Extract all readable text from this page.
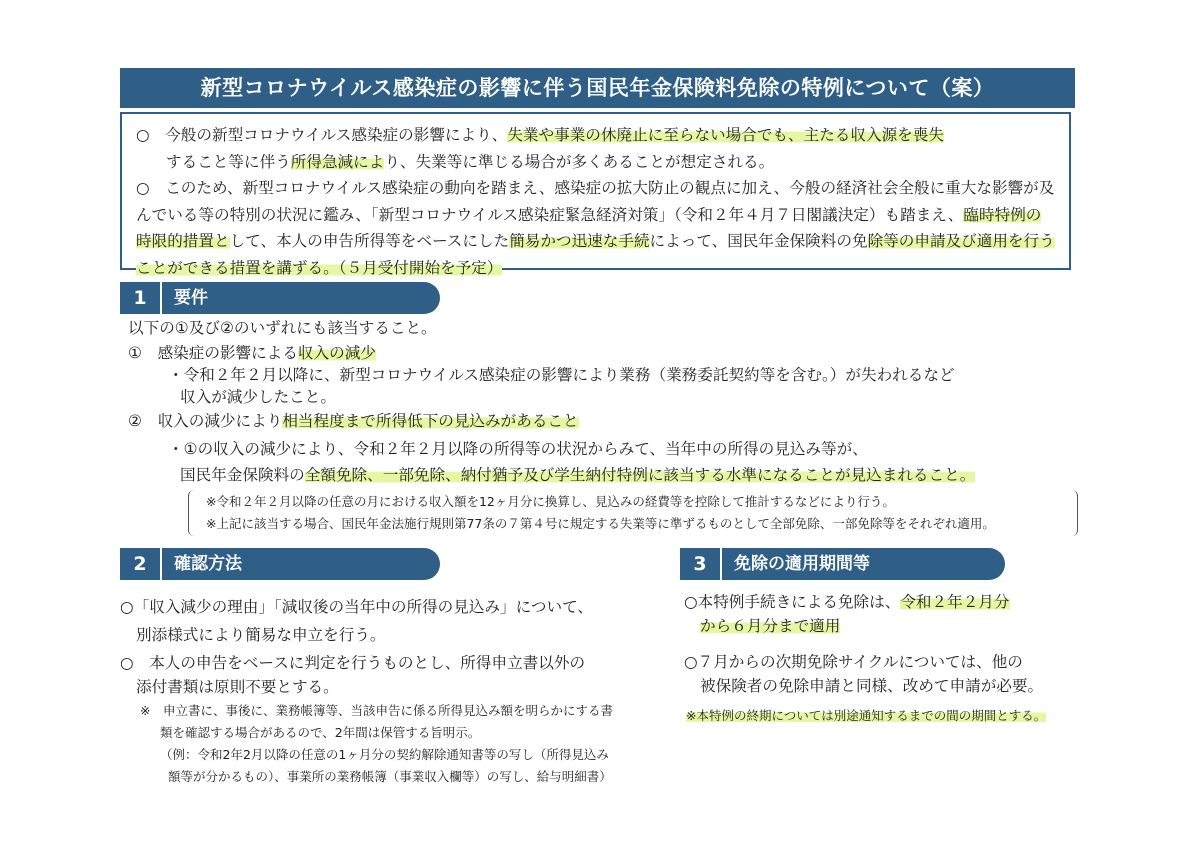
新型コロナウイルス感染症の影響に伴う国民年金保険料免除の特例について（案）

○　今般の新型コロナウイルス感染症の影響により、失業や事業の休廃止に至らない場合でも、主たる収入源を喪失
すること等に伴う所得急減により、失業等に準じる場合が多くあることが想定される。

○　このため、新型コロナウイルス感染症の動向を踏まえ、感染症の拡大防止の観点に加え、今般の経済社会全般に重大な影響が及んでいる等の特別の状況に鑑み、「新型コロナウイルス感染症緊急経済対策」（令和２年４月７日閣議決定）も踏まえ、臨時特例の時限的措置として、本人の申告所得等をベースにした簡易かつ迅速な手続によって、国民年金保険料の免除等の申請及び適用を行うことができる措置を講ずる。（５月受付開始を予定）

1	要件
以下の①及び②のいずれにも該当すること。
①　感染症の影響による収入の減少
・令和２年２月以降に、新型コロナウイルス感染症の影響により業務（業務委託契約等を含む。）が失われるなど
収入が減少したこと。
②　収入の減少により相当程度まで所得低下の見込みがあること
・①の収入の減少により、令和２年２月以降の所得等の状況からみて、当年中の所得の見込み等が、
国民年金保険料の全額免除、一部免除、納付猶予及び学生納付特例に該当する水準になることが見込まれること。
※令和２年２月以降の任意の月における収入額を12ヶ月分に換算し、見込みの経費等を控除して推計するなどにより行う。
※上記に該当する場合、国民年金法施行規則第77条の７第４号に規定する失業等に準ずるものとして全部免除、一部免除等をそれぞれ適用。
2	確認方法
○「収入減少の理由」「減収後の当年中の所得の見込み」について、
別添様式により簡易な申立を行う。
○　本人の申告をベースに判定を行うものとし、所得申立書以外の
添付書類は原則不要とする。
※　申立書に、事後に、業務帳簿等、当該申告に係る所得見込み額を明らかにする書
類を確認する場合があるので、2年間は保管する旨明示。
（例：令和2年2月以降の任意の1ヶ月分の契約解除通知書等の写し（所得見込み
額等が分かるもの）、事業所の業務帳簿（事業収入欄等）の写し、給与明細書）
3	免除の適用期間等
○本特例手続きによる免除は、令和２年２月分
から６月分まで適用
○７月からの次期免除サイクルについては、他の
被保険者の免除申請と同様、改めて申請が必要。
※本特例の終期については別途通知するまでの間の期間とする。
